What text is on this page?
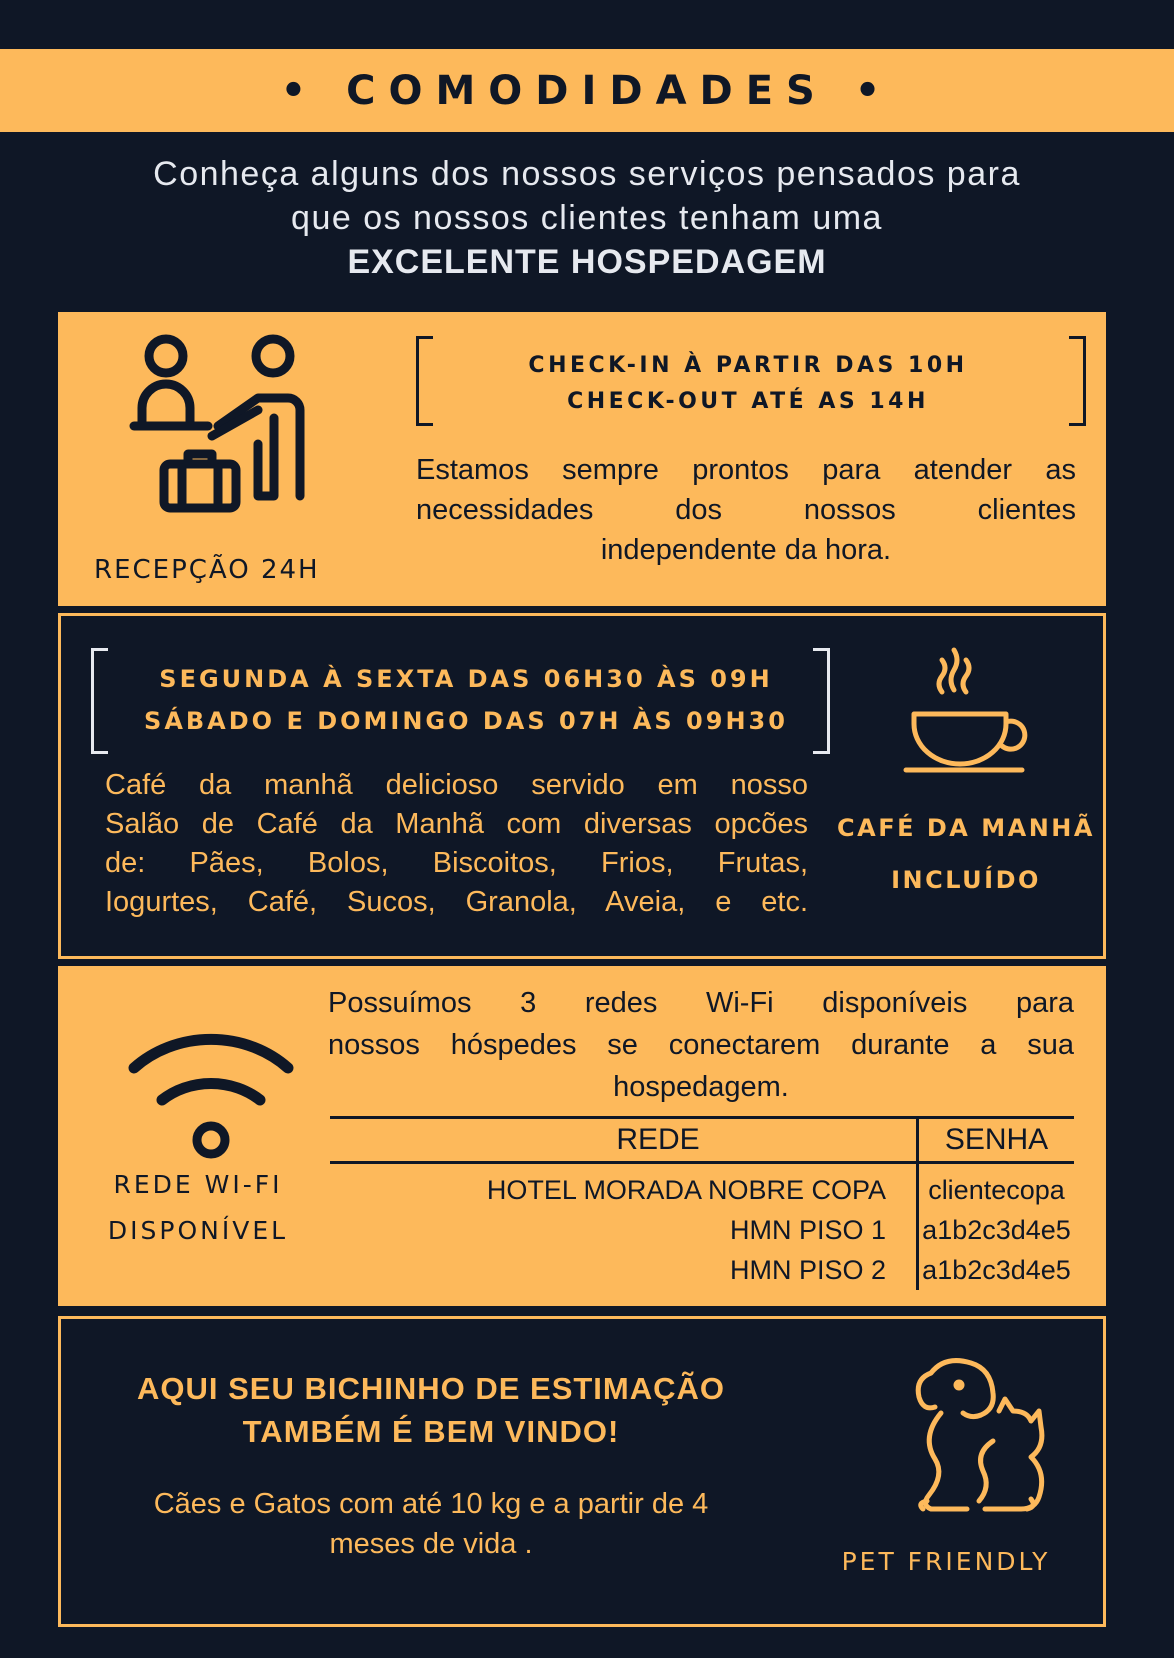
• COMODIDADES •
Conheça alguns dos nossos serviços pensados para
que os nossos clientes tenham uma
EXCELENTE HOSPEDAGEM
RECEPÇÃO 24H
CHECK-IN À PARTIR DAS 10H
CHECK-OUT ATÉ AS 14H
Estamos sempre prontos para atender as
necessidades dos nossos clientes
independente da hora.
SEGUNDA À SEXTA DAS 06H30 ÀS 09H
SÁBADO E DOMINGO DAS 07H ÀS 09H30
Café da manhã delicioso servido em nosso
Salão de Café da Manhã com diversas opcões
de: Pães, Bolos, Biscoitos, Frios, Frutas,
Iogurtes, Café, Sucos, Granola, Aveia, e etc.
CAFÉ DA MANHÃ
INCLUÍDO
REDE WI-FI
DISPONÍVEL
Possuímos 3 redes Wi-Fi disponíveis para
nossos hóspedes se conectarem durante a sua
hospedagem.
REDE	SENHA
HOTEL MORADA NOBRE COPA	clientecopa
HMN PISO 1	a1b2c3d4e5
HMN PISO 2	a1b2c3d4e5
AQUI SEU BICHINHO DE ESTIMAÇÃO
TAMBÉM É BEM VINDO!
Cães e Gatos com até 10 kg e a partir de 4
meses de vida .
PET FRIENDLY
